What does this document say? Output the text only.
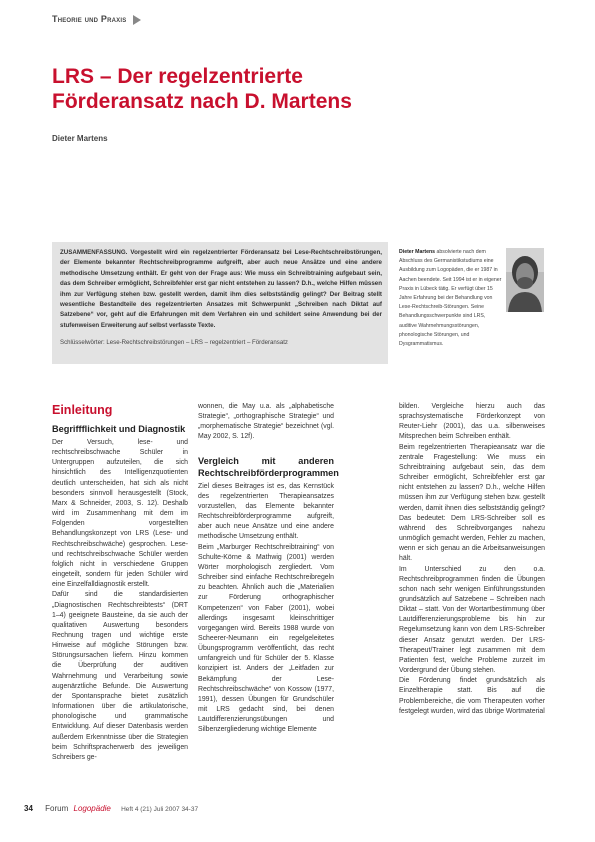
Theorie und Praxis
LRS – Der regelzentrierte
Förderansatz nach D. Martens
Dieter Martens
ZUSAMMENFASSUNG. Vorgestellt wird ein regelzentrierter Förderansatz bei Lese-Rechtschreibstörungen, der Elemente bekannter Rechtschreibprogramme aufgreift, aber auch neue Ansätze und eine andere methodische Umsetzung enthält. Er geht von der Frage aus: Wie muss ein Schreibtraining aufgebaut sein, das dem Schreiber ermöglicht, Schreibfehler erst gar nicht entstehen zu lassen? D.h., welche Hilfen müssen ihm zur Verfügung stehen bzw. gestellt werden, damit ihm dies selbstständig gelingt? Der Beitrag stellt wesentliche Bestandteile des regelzentrierten Ansatzes mit Schwerpunkt „Schreiben nach Diktat auf Satzebene“ vor, geht auf die Erfahrungen mit dem Verfahren ein und schildert seine Anwendung bei der stufenweisen Erweiterung auf selbst verfasste Texte.
Schlüsselwörter: Lese-Rechtschreibstörungen – LRS – regelzentriert – Förderansatz
Dieter Martens absolvierte nach dem Abschluss des Germanistikstudiums eine Ausbildung zum Logopäden, die er 1987 in Aachen beendete. Seit 1994 ist er in eigener Praxis in Lübeck tätig. Er verfügt über 15 Jahre Erfahrung bei der Behandlung von Lese-Rechtschreib-Störungen. Seine Behandlungsschwerpunkte sind LRS, auditive Wahrnehmungsstörungen, phonologische Störungen, und Dysgrammatismus.
Einleitung
Begriffflichkeit und Diagnostik

Der Versuch, lese- und rechtschreibschwache Schüler in Untergruppen aufzuteilen, die sich hinsichtlich des Intelligenzquotienten deutlich unterscheiden, hat sich als nicht besonders sinnvoll herausgestellt (Stock, Marx & Schneider, 2003, S. 12). Deshalb wird im Zusammenhang mit dem im Folgenden vorgestellten Behandlungskonzept von LRS (Lese- und Rechtschreibschwäche) gesprochen. Lese- und rechtschreibschwache Schüler werden folglich nicht in verschiedene Gruppen eingeteilt, sondern für jeden Schüler wird eine Einzelfalldiagnostik erstellt.

Dafür sind die standardisierten „Diagnostischen Rechtschreibtests“ (DRT 1–4) geeignete Bausteine, da sie auch der qualitativen Auswertung besonders Rechnung tragen und wichtige erste Hinweise auf mögliche Störungen bzw. Störungsursachen liefern. Hinzu kommen die Überprüfung der auditiven Wahrnehmung und Verarbeitung sowie augenärztliche Befunde. Die Auswertung der Spontansprache bietet zusätzlich Informationen über die artikulatorische, phonologische und grammatische Entwicklung. Auf dieser Datenbasis werden außerdem Erkenntnisse über die Strategien beim Schriftspracherwerb des jeweiligen Schreibers ge-

wonnen, die May u.a. als „alphabetische Strategie“, „orthographische Strategie“ und „morphematische Strategie“ bezeichnet (vgl. May 2002, S. 12f).

Vergleich mit anderen Rechtschreibförderprogrammen

Ziel dieses Beitrages ist es, das Kernstück des regelzentrierten Therapieansatzes vorzustellen, das Elemente bekannter Rechtschreibförderprogramme aufgreift, aber auch neue Ansätze und eine andere methodische Umsetzung enthält.

Beim „Marburger Rechtschreibtraining“ von Schulte-Körne & Mathwig (2001) werden Wörter morphologisch zergliedert. Vom Schreiber sind einfache Rechtschreibregeln zu beachten. Ähnlich auch die „Materialien zur Förderung orthographischer Kompetenzen“ von Faber (2001), wobei allerdings insgesamt kleinschrittiger vorgegangen wird. Bereits 1988 wurde von Scheerer-Neumann ein regelgeleitetes Übungsprogramm veröffentlicht, das recht umfangreich und für Schüler der 5. Klasse konzipiert ist. Anders der „Leitfaden zur Bekämpfung der Lese-Rechtschreibschwäche“ von Kossow (1977, 1991), dessen Übungen für Grundschüler mit LRS gedacht sind, bei denen Lautdifferenzierungsübungen und Silbenzergliederung wichtige Elemente

bilden. Vergleiche hierzu auch das sprachsystematische Förderkonzept von Reuter-Liehr (2001), das u.a. silbenweises Mitsprechen beim Schreiben enthält.

Beim regelzentrierten Therapieansatz war die zentrale Fragestellung: Wie muss ein Schreibtraining aufgebaut sein, das dem Schreiber ermöglicht, Schreibfehler erst gar nicht entstehen zu lassen? D.h., welche Hilfen müssen ihm zur Verfügung stehen bzw. gestellt werden, damit ihnen dies selbstständig gelingt? Das bedeutet: Dem LRS-Schreiber soll es während des Schreibvorganges nahezu unmöglich gemacht werden, Fehler zu machen, wenn er sich genau an die Arbeitsanweisungen hält.

Im Unterschied zu den o.a. Rechtschreibprogrammen finden die Übungen schon nach sehr wenigen Einführungsstunden grundsätzlich auf Satzebene – Schreiben nach Diktat – statt. Von der Wortartbestimmung über Lautdifferenzierungsprobleme bis hin zur Regelumsetzung kann von dem LRS-Schreiber dieser Ansatz genutzt werden. Der LRS-Therapeut/Trainer legt zusammen mit dem Patienten fest, welche Probleme zurzeit im Vordergrund der Übung stehen.

Die Förderung findet grundsätzlich als Einzeltherapie statt. Bis auf die Problembereiche, die vom Therapeuten vorher festgelegt wurden, wird das übrige Wortmaterial

34 Forum Logopädie Heft 4 (21) Juli 2007 34-37
